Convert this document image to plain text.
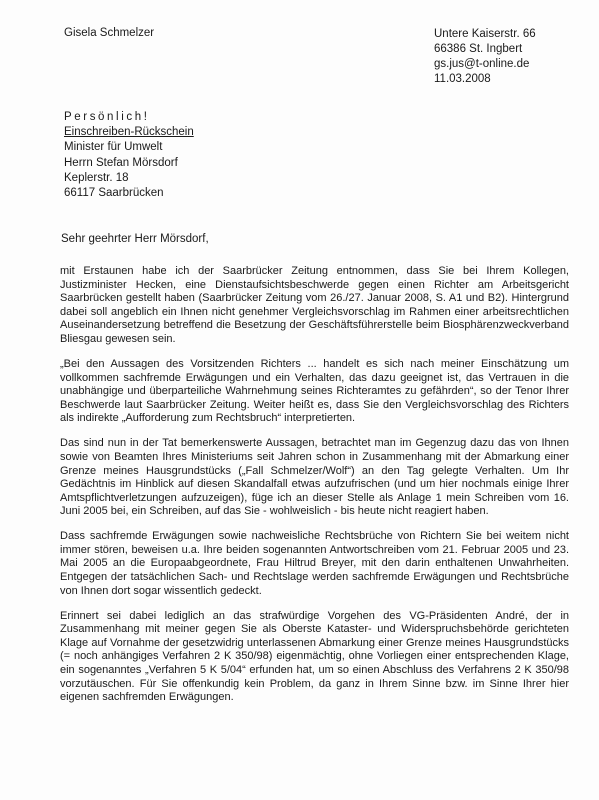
Gisela Schmelzer	Untere Kaiserstr. 66
66386 St. Ingbert
gs.jus@t-online.de
11.03.2008
Persönlich!
Einschreiben-Rückschein
Minister für Umwelt
Herrn Stefan Mörsdorf
Keplerstr. 18
66117 Saarbrücken
Sehr geehrter Herr Mörsdorf,

mit Erstaunen habe ich der Saarbrücker Zeitung entnommen, dass Sie bei Ihrem Kollegen, Justizminister Hecken, eine Dienstaufsichtsbeschwerde gegen einen Richter am Arbeitsgericht Saarbrücken gestellt haben (Saarbrücker Zeitung vom 26./27. Januar 2008, S. A1 und B2). Hintergrund dabei soll angeblich ein Ihnen nicht genehmer Vergleichsvorschlag im Rahmen einer arbeitsrechtlichen Auseinandersetzung betreffend die Besetzung der Geschäftsführerstelle beim Biosphärenzweckverband Bliesgau gewesen sein.

„Bei den Aussagen des Vorsitzenden Richters ... handelt es sich nach meiner Einschätzung um vollkommen sachfremde Erwägungen und ein Verhalten, das dazu geeignet ist, das Vertrauen in die unabhängige und überparteiliche Wahrnehmung seines Richteramtes zu gefährden“, so der Tenor Ihrer Beschwerde laut Saarbrücker Zeitung. Weiter heißt es, dass Sie den Vergleichsvorschlag des Richters als indirekte „Aufforderung zum Rechtsbruch“ interpretierten.

Das sind nun in der Tat bemerkenswerte Aussagen, betrachtet man im Gegenzug dazu das von Ihnen sowie von Beamten Ihres Ministeriums seit Jahren schon in Zusammenhang mit der Abmarkung einer Grenze meines Hausgrundstücks („Fall Schmelzer/Wolf“) an den Tag gelegte Verhalten. Um Ihr Gedächtnis im Hinblick auf diesen Skandalfall etwas aufzufrischen (und um hier nochmals einige Ihrer Amtspflichtverletzungen aufzuzeigen), füge ich an dieser Stelle als Anlage 1 mein Schreiben vom 16. Juni 2005 bei, ein Schreiben, auf das Sie - wohlweislich - bis heute nicht reagiert haben.

Dass sachfremde Erwägungen sowie nachweisliche Rechtsbrüche von Richtern Sie bei weitem nicht immer stören, beweisen u.a. Ihre beiden sogenannten Antwortschreiben vom 21. Februar 2005 und 23. Mai 2005 an die Europaabgeordnete, Frau Hiltrud Breyer, mit den darin enthaltenen Unwahrheiten. Entgegen der tatsächlichen Sach- und Rechtslage werden sachfremde Erwägungen und Rechtsbrüche von Ihnen dort sogar wissentlich gedeckt.

Erinnert sei dabei lediglich an das strafwürdige Vorgehen des VG-Präsidenten André, der in Zusammenhang mit meiner gegen Sie als Oberste Kataster- und Widerspruchsbehörde gerichteten Klage auf Vornahme der gesetzwidrig unterlassenen Abmarkung einer Grenze meines Hausgrundstücks (= noch anhängiges Verfahren 2 K 350/98) eigenmächtig, ohne Vorliegen einer entsprechenden Klage, ein sogenanntes „Verfahren 5 K 5/04“ erfunden hat, um so einen Abschluss des Verfahrens 2 K 350/98 vorzutäuschen. Für Sie offenkundig kein Problem, da ganz in Ihrem Sinne bzw. im Sinne Ihrer hier eigenen sachfremden Erwägungen.
